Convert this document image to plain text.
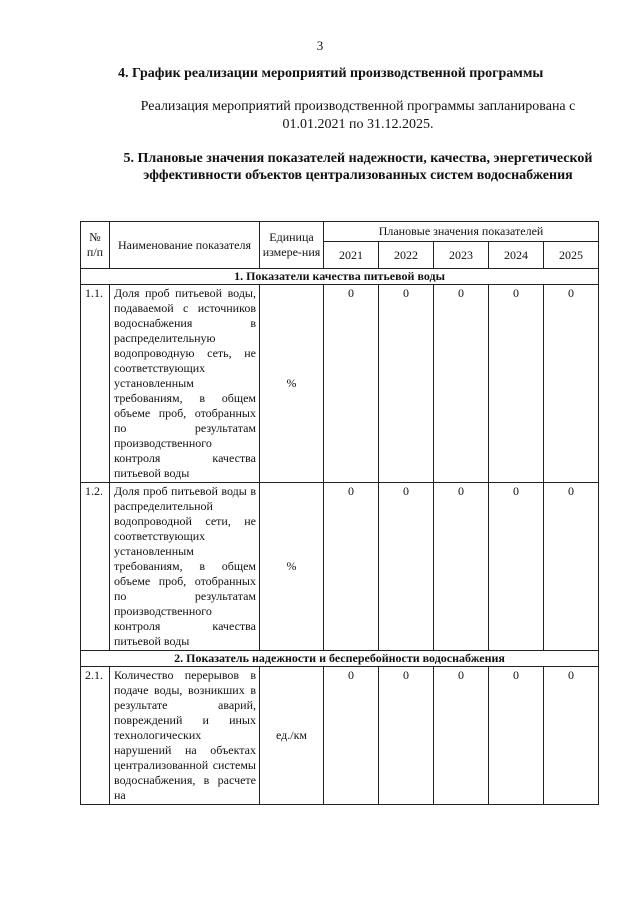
3
4. График реализации мероприятий производственной программы
Реализация мероприятий производственной программы запланирована с 01.01.2021 по 31.12.2025.
5. Плановые значения показателей надежности, качества, энергетической эффективности объектов централизованных систем водоснабжения
№ п/п	Наименование показателя	Единица измере-ния	Плановые значения показателей				
			2021	2022	2023	2024	2025
1. Показатели качества питьевой воды							
1.1.	Доля проб питьевой воды, подаваемой с источников водоснабжения в распределительную водопроводную сеть, не соответствующих установленным требованиям, в общем объеме проб, отобранных по результатам производственного контроля качества питьевой воды	%	0	0	0	0	0
1.2.	Доля проб питьевой воды в распределительной водопроводной сети, не соответствующих установленным требованиям, в общем объеме проб, отобранных по результатам производственного контроля качества питьевой воды	%	0	0	0	0	0
2. Показатель надежности и бесперебойности водоснабжения							
2.1.	Количество перерывов в подаче воды, возникших в результате аварий, повреждений и иных технологических нарушений на объектах централизованной системы водоснабжения, в расчете на	ед./км	0	0	0	0	0
